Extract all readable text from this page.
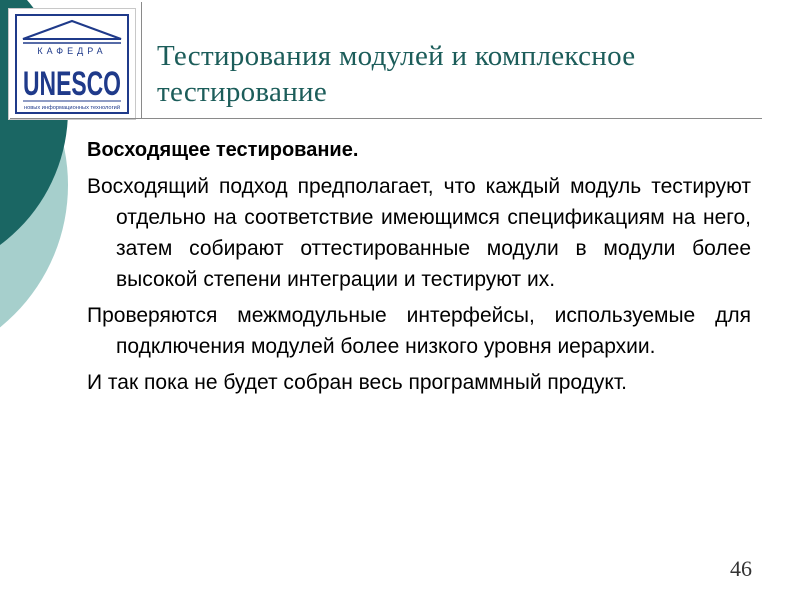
КАФЕДРА
UNESCO
новых информационных технологий
Тестирования модулей и комплексное тестирование

Восходящее тестирование.

Восходящий подход предполагает, что каждый модуль тестируют отдельно на соответствие имеющимся спецификациям на него, затем собирают оттестированные модули в модули более высокой степени интеграции и тестируют их.

Проверяются межмодульные интерфейсы, используемые для подключения модулей более низкого уровня иерархии.

И так пока не будет собран весь программный продукт.

46
